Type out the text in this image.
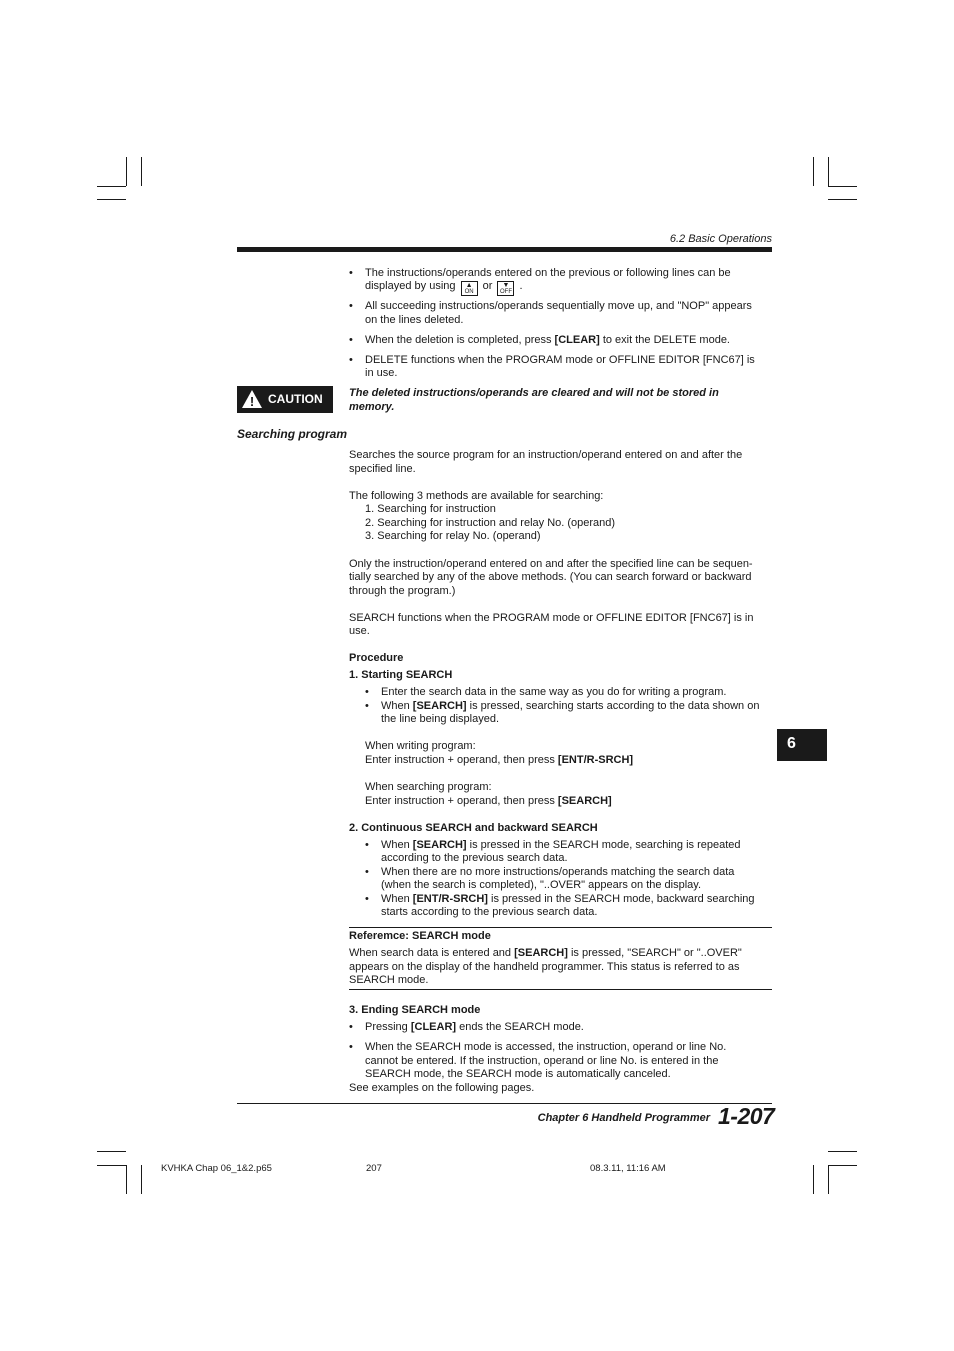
6.2 Basic Operations
• The instructions/operands entered on the previous or following lines can be
displayed by using	▲
ON or	▼
OFF .
• All succeeding instructions/operands sequentially move up, and "NOP" appears
on the lines deleted.
• When the deletion is completed, press [CLEAR] to exit the DELETE mode.
• DELETE functions when the PROGRAM mode or OFFLINE EDITOR [FNC67] is
in use.
! CAUTION The deleted instructions/operands are cleared and will not be stored in
memory.
Searching program
Searches the source program for an instruction/operand entered on and after the
specified line.
The following 3 methods are available for searching:
1. Searching for instruction
2. Searching for instruction and relay No. (operand)
3. Searching for relay No. (operand)
Only the instruction/operand entered on and after the specified line can be sequen-
tially searched by any of the above methods. (You can search forward or backward
through the program.)
SEARCH functions when the PROGRAM mode or OFFLINE EDITOR [FNC67] is in
use.
Procedure
1. Starting SEARCH
• Enter the search data in the same way as you do for writing a program.
• When [SEARCH] is pressed, searching starts according to the data shown on
the line being displayed.
When writing program:
Enter instruction + operand, then press [ENT/R-SRCH]
When searching program:
Enter instruction + operand, then press [SEARCH]
2. Continuous SEARCH and backward SEARCH
• When [SEARCH] is pressed in the SEARCH mode, searching is repeated
according to the previous search data.
• When there are no more instructions/operands matching the search data
(when the search is completed), "..OVER" appears on the display.
• When [ENT/R-SRCH] is pressed in the SEARCH mode, backward searching
starts according to the previous search data.
Referemce: SEARCH mode
When search data is entered and [SEARCH] is pressed, "SEARCH" or "..OVER"
appears on the display of the handheld programmer. This status is referred to as
SEARCH mode.
3. Ending SEARCH mode
• Pressing [CLEAR] ends the SEARCH mode.
• When the SEARCH mode is accessed, the instruction, operand or line No.
cannot be entered. If the instruction, operand or line No. is entered in the
SEARCH mode, the SEARCH mode is automatically canceled.
See examples on the following pages.
6
Chapter 6 Handheld Programmer 1-207
KVHKA Chap 06_1&2.p65	207	08.3.11, 11:16 AM
